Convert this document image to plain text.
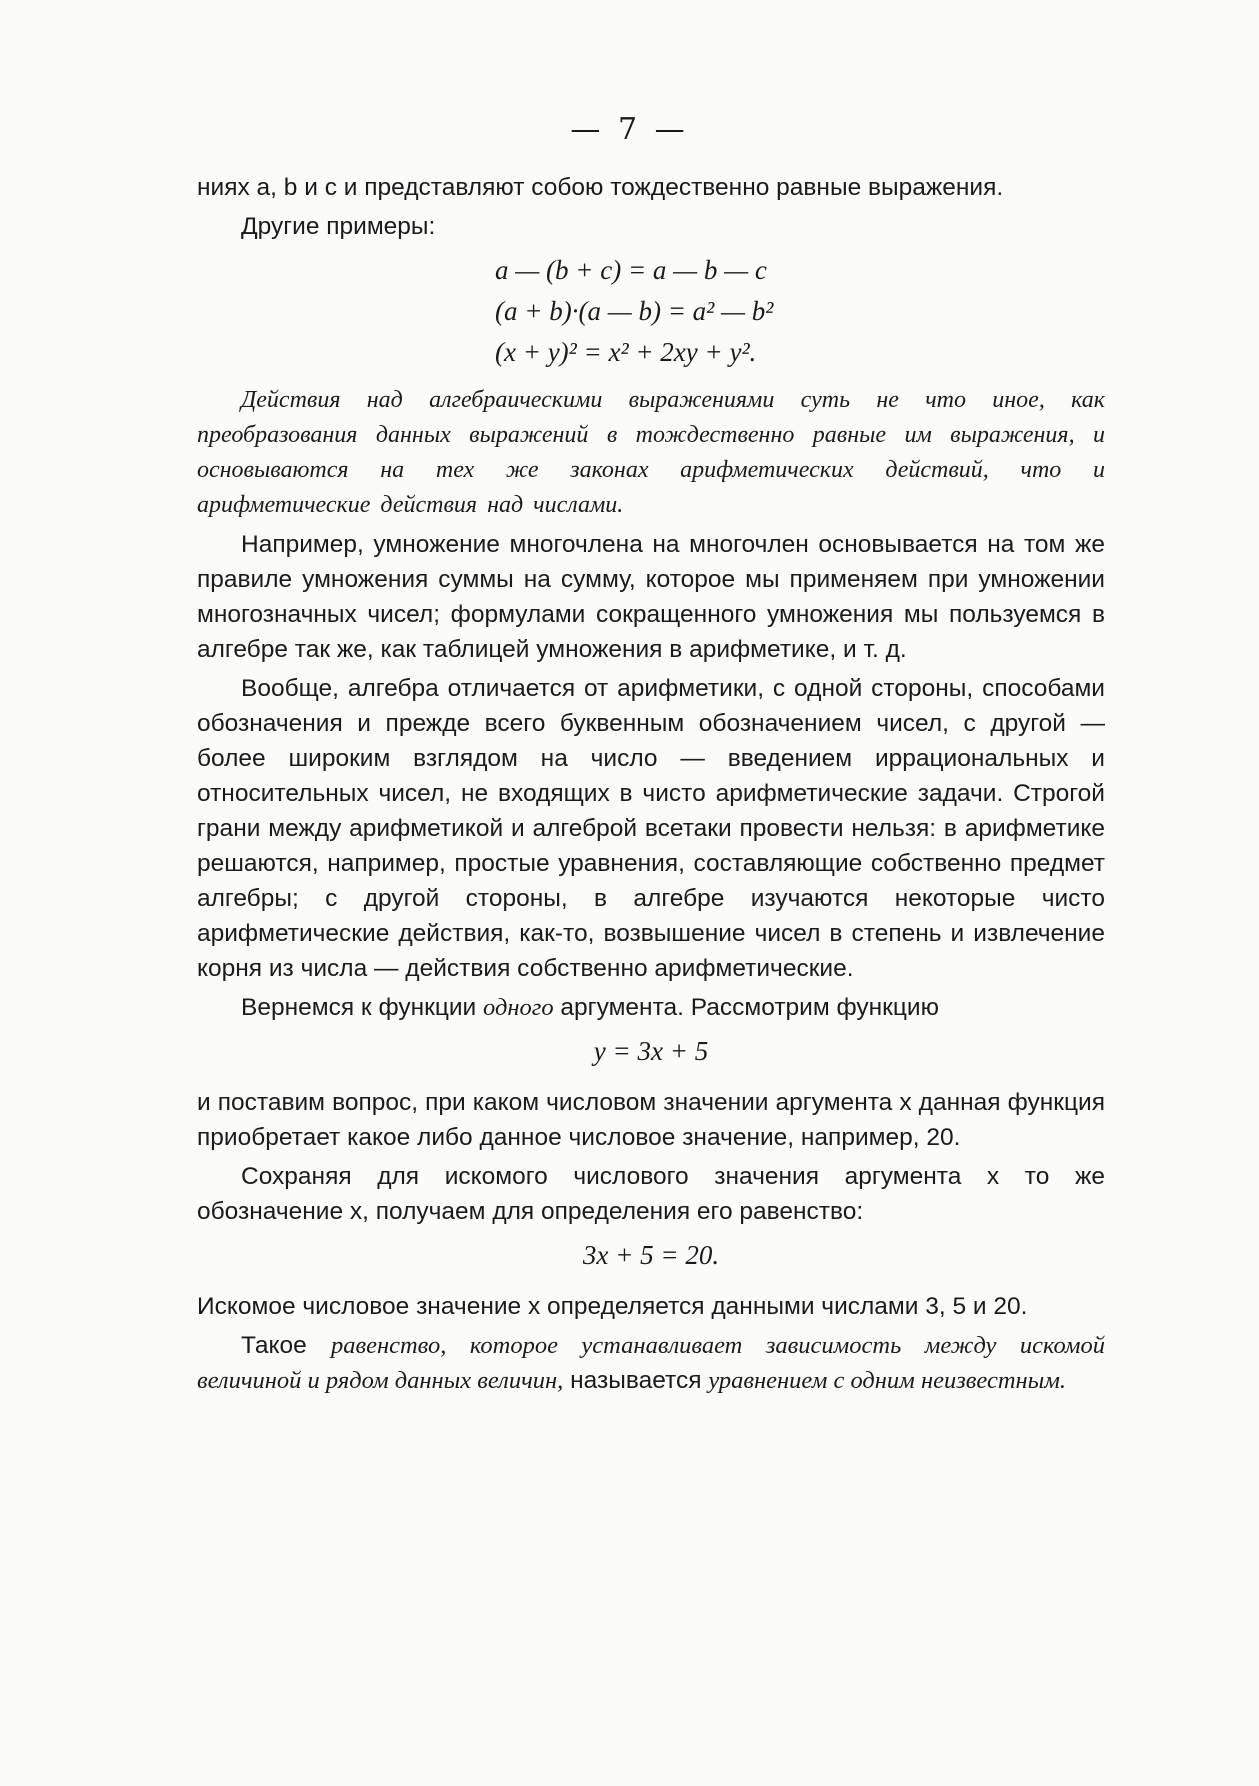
— 7 —

ниях a, b и c и представляют собою тождественно равные выражения.

Другие примеры:

a — (b + c) = a — b — c
(a + b)·(a — b) = a² — b²
(x + y)² = x² + 2xy + y².

Действия над алгебраическими выражениями суть не что иное, как преобразования данных выражений в тождественно равные им выражения, и основываются на тех же законах арифметических действий, что и арифметические действия над числами.

Например, умножение многочлена на многочлен основывается на том же правиле умножения суммы на сумму, которое мы применяем при умножении многозначных чисел; формулами сокращенного умножения мы пользуемся в алгебре так же, как таблицей умножения в арифметике, и т. д.

Вообще, алгебра отличается от арифметики, с одной стороны, способами обозначения и прежде всего буквенным обозначением чисел, с другой — более широким взглядом на число — введением иррациональных и относительных чисел, не входящих в чисто арифметические задачи. Строгой грани между арифметикой и алгеброй всетаки провести нельзя: в арифметике решаются, например, простые уравнения, составляющие собственно предмет алгебры; с другой стороны, в алгебре изучаются некоторые чисто арифметические действия, как-то, возвышение чисел в степень и извлечение корня из числа — действия собственно арифметические.

Вернемся к функции одного аргумента. Рассмотрим функцию

y = 3x + 5

и поставим вопрос, при каком числовом значении аргумента x данная функция приобретает какое либо данное числовое значение, например, 20.

Сохраняя для искомого числового значения аргумента x то же обозначение x, получаем для определения его равенство:

3x + 5 = 20.

Искомое числовое значение x определяется данными числами 3, 5 и 20.

Такое равенство, которое устанавливает зависимость между искомой величиной и рядом данных величин, называется уравнением с одним неизвестным.
